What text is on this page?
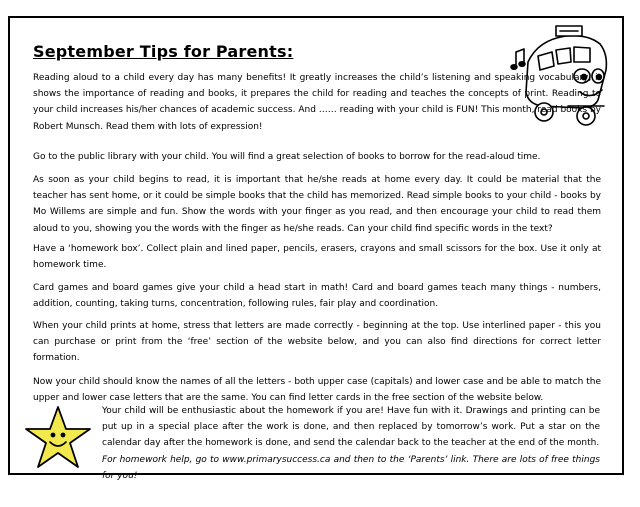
September Tips for Parents:

Reading aloud to a child every day has many benefits! It greatly increases the child’s listening and speaking vocabulary, it shows the importance of reading and books, it prepares the child for reading and teaches the concepts of print. Reading to your child increases his/her chances of academic success. And …… reading with your child is FUN! This month, read books by Robert Munsch. Read them with lots of expression!

Go to the public library with your child. You will find a great selection of books to borrow for the read-aloud time.

As soon as your child begins to read, it is important that he/she reads at home every day. It could be material that the teacher has sent home, or it could be simple books that the child has memorized. Read simple books to your child - books by Mo Willems are simple and fun. Show the words with your finger as you read, and then encourage your child to read them aloud to you, showing you the words with the finger as he/she reads. Can your child find specific words in the text?

Have a ‘homework box’. Collect plain and lined paper, pencils, erasers, crayons and small scissors for the box. Use it only at homework time.

Card games and board games give your child a head start in math! Card and board games teach many things - numbers, addition, counting, taking turns, concentration, following rules, fair play and coordination.

When your child prints at home, stress that letters are made correctly - beginning at the top. Use interlined paper - this you can purchase or print from the ‘free’ section of the website below, and you can also find directions for correct letter formation.

Now your child should know the names of all the letters - both upper case (capitals) and lower case and be able to match the upper and lower case letters that are the same. You can find letter cards in the free section of the website below.

Your child will be enthusiastic about the homework if you are! Have fun with it. Drawings and printing can be put up in a special place after the work is done, and then replaced by tomorrow’s work. Put a star on the calendar day after the homework is done, and send the calendar back to the teacher at the end of the month.

For homework help, go to www.primarysuccess.ca and then to the ‘Parents’ link. There are lots of free things for you!
